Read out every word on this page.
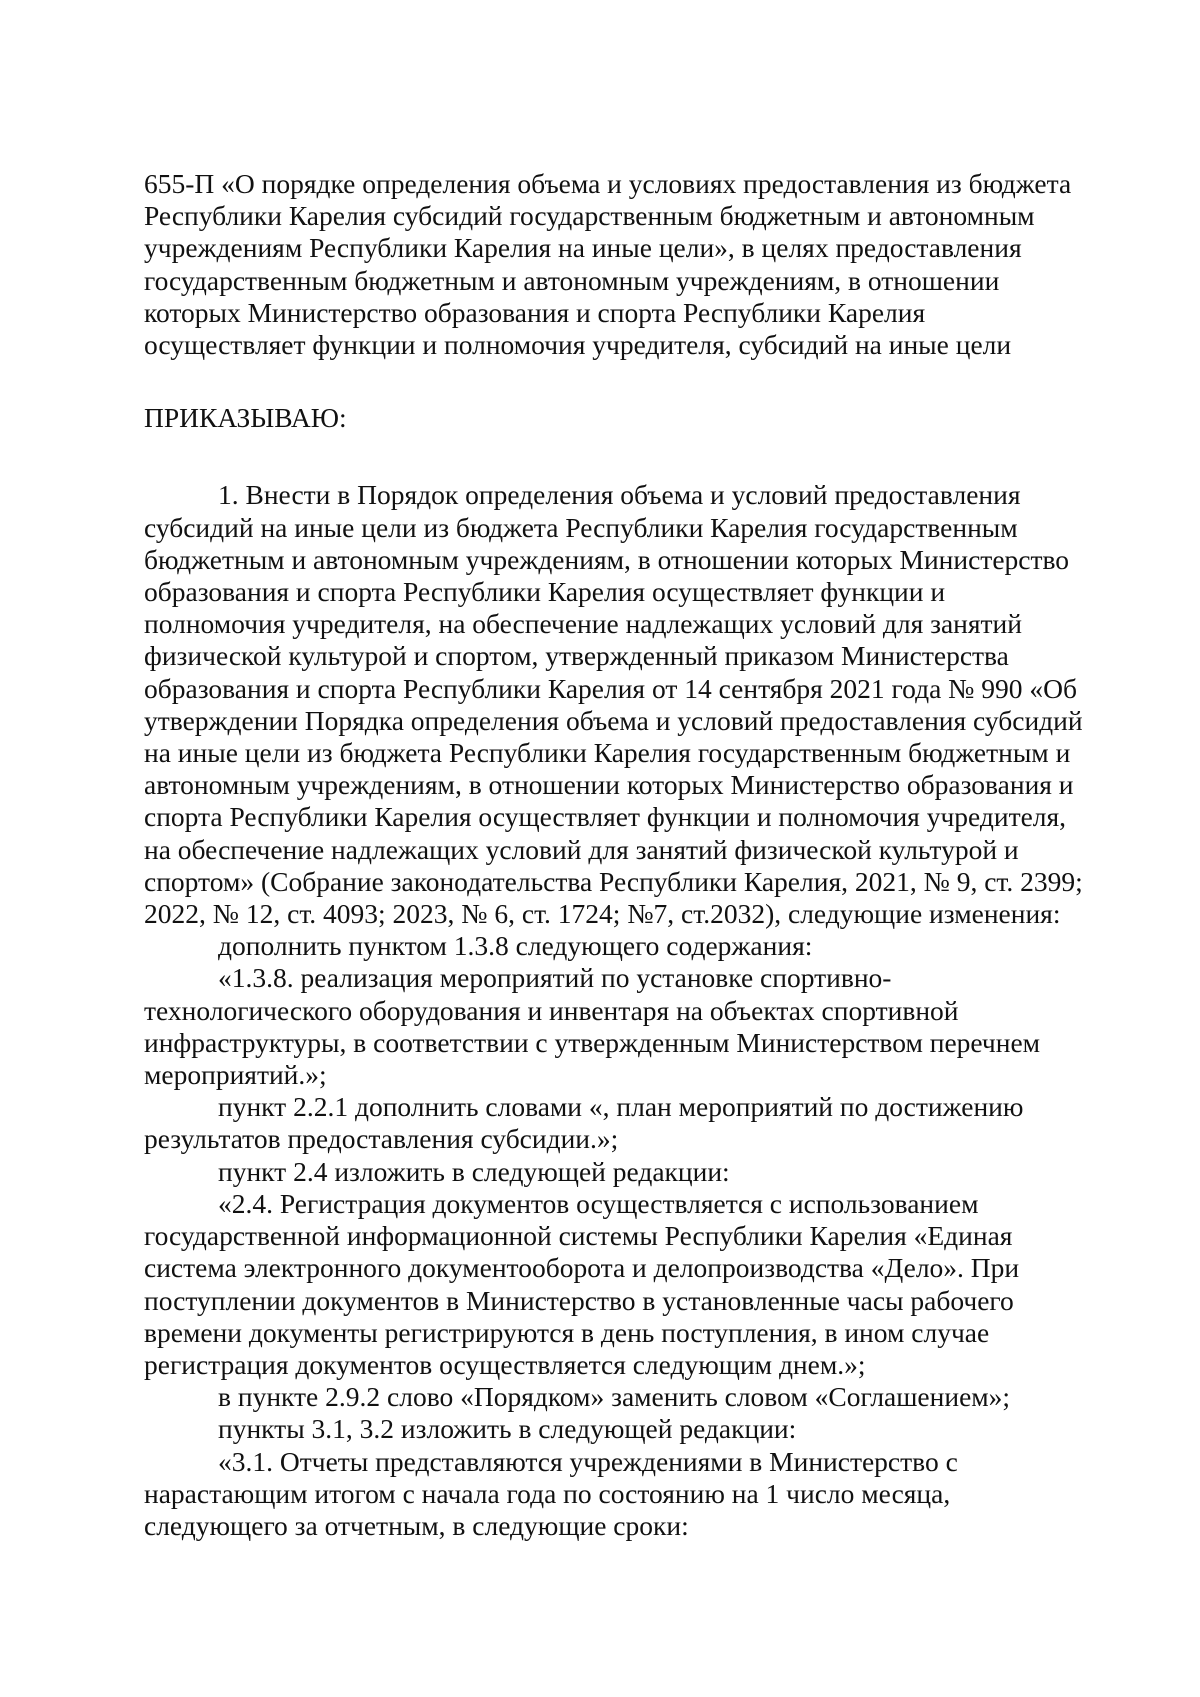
655-П «О порядке определения объема и условиях предоставления из бюджета
Республики Карелия субсидий государственным бюджетным и автономным
учреждениям Республики Карелия на иные цели», в целях предоставления
государственным бюджетным и автономным учреждениям, в отношении
которых Министерство образования и спорта Республики Карелия
осуществляет функции и полномочия учредителя, субсидий на иные цели

ПРИКАЗЫВАЮ:

1. Внести в Порядок определения объема и условий предоставления
субсидий на иные цели из бюджета Республики Карелия государственным
бюджетным и автономным учреждениям, в отношении которых Министерство
образования и спорта Республики Карелия осуществляет функции и
полномочия учредителя, на обеспечение надлежащих условий для занятий
физической культурой и спортом, утвержденный приказом Министерства
образования и спорта Республики Карелия от 14 сентября 2021 года № 990 «Об
утверждении Порядка определения объема и условий предоставления субсидий
на иные цели из бюджета Республики Карелия государственным бюджетным и
автономным учреждениям, в отношении которых Министерство образования и
спорта Республики Карелия осуществляет функции и полномочия учредителя,
на обеспечение надлежащих условий для занятий физической культурой и
спортом» (Собрание законодательства Республики Карелия, 2021, № 9, ст. 2399;
2022, № 12, ст. 4093; 2023, № 6, ст. 1724; №7, ст.2032), следующие изменения:

дополнить пунктом 1.3.8 следующего содержания:

«1.3.8. реализация мероприятий по установке спортивно-
технологического оборудования и инвентаря на объектах спортивной
инфраструктуры, в соответствии с утвержденным Министерством перечнем
мероприятий.»;

пункт 2.2.1 дополнить словами «, план мероприятий по достижению
результатов предоставления субсидии.»;

пункт 2.4 изложить в следующей редакции:

«2.4. Регистрация документов осуществляется с использованием
государственной информационной системы Республики Карелия «Единая
система электронного документооборота и делопроизводства «Дело». При
поступлении документов в Министерство в установленные часы рабочего
времени документы регистрируются в день поступления, в ином случае
регистрация документов осуществляется следующим днем.»;

в пункте 2.9.2 слово «Порядком» заменить словом «Соглашением»;

пункты 3.1, 3.2 изложить в следующей редакции:

«3.1. Отчеты представляются учреждениями в Министерство с
нарастающим итогом с начала года по состоянию на 1 число месяца,
следующего за отчетным, в следующие сроки:
